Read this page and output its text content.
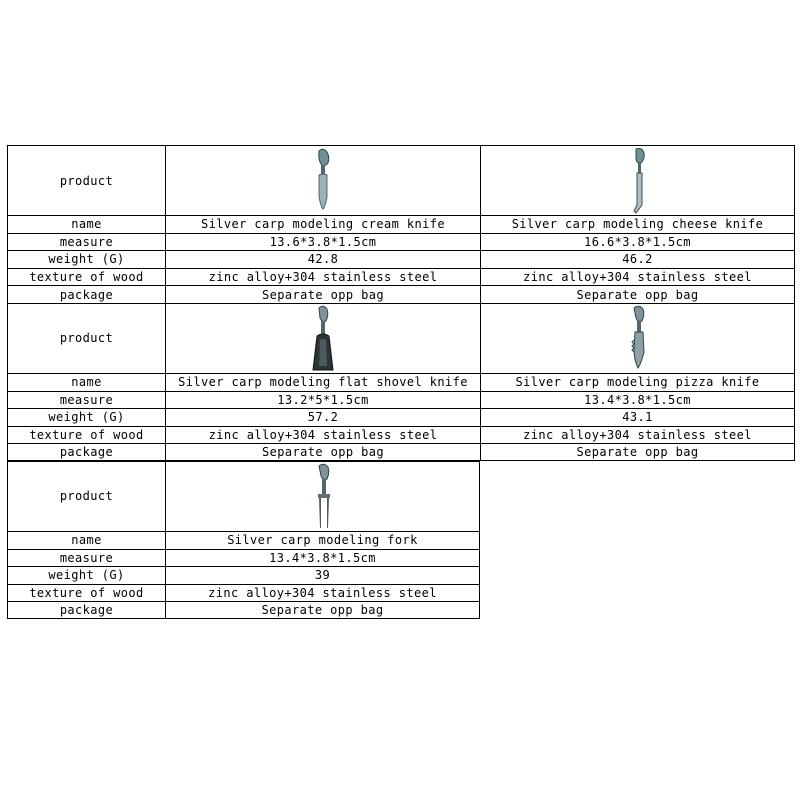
product
name	Silver carp modeling cream knife	Silver carp modeling cheese knife
measure	13.6*3.8*1.5cm	16.6*3.8*1.5cm
weight (G)	42.8	46.2
texture of wood	zinc alloy+304 stainless steel	zinc alloy+304 stainless steel
package	Separate opp bag	Separate opp bag
product
name	Silver carp modeling flat shovel knife	Silver carp modeling pizza knife
measure	13.2*5*1.5cm	13.4*3.8*1.5cm
weight (G)	57.2	43.1
texture of wood	zinc alloy+304 stainless steel	zinc alloy+304 stainless steel
package	Separate opp bag	Separate opp bag
product
name	Silver carp modeling fork
measure	13.4*3.8*1.5cm
weight (G)	39
texture of wood	zinc alloy+304 stainless steel
package	Separate opp bag
